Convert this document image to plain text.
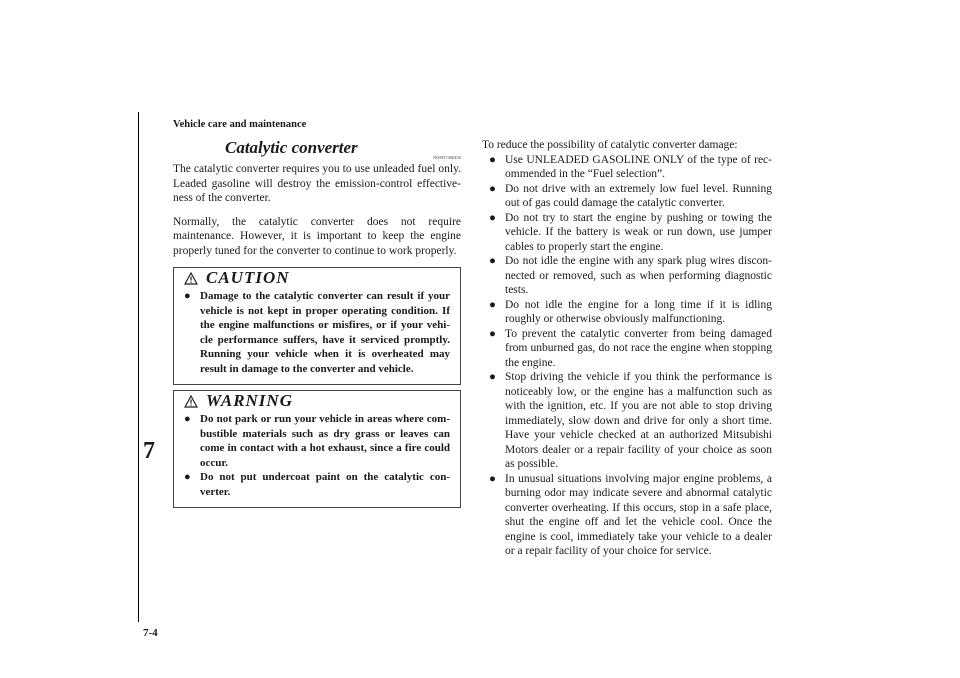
Vehicle care and maintenance
7
7-4
Catalytic converter
N00937400450

The catalytic converter requires you to use unleaded fuel only. Leaded gasoline will destroy the emission-control effective-ness of the converter.

Normally, the catalytic converter does not require maintenance. However, it is important to keep the engine properly tuned for the converter to continue to work properly.

CAUTION
● Damage to the catalytic converter can result if your vehicle is not kept in proper operating condition. If the engine malfunctions or misfires, or if your vehi-cle performance suffers, have it serviced promptly. Running your vehicle when it is overheated may result in damage to the converter and vehicle.
WARNING
● Do not park or run your vehicle in areas where com-bustible materials such as dry grass or leaves can come in contact with a hot exhaust, since a fire could occur.
● Do not put undercoat paint on the catalytic con-verter.
To reduce the possibility of catalytic converter damage:
● Use UNLEADED GASOLINE ONLY of the type of rec-ommended in the “Fuel selection”.
● Do not drive with an extremely low fuel level. Running out of gas could damage the catalytic converter.
● Do not try to start the engine by pushing or towing the vehicle. If the battery is weak or run down, use jumper cables to properly start the engine.
● Do not idle the engine with any spark plug wires discon-nected or removed, such as when performing diagnostic tests.
● Do not idle the engine for a long time if it is idling roughly or otherwise obviously malfunctioning.
● To prevent the catalytic converter from being damaged from unburned gas, do not race the engine when stopping the engine.
● Stop driving the vehicle if you think the performance is noticeably low, or the engine has a malfunction such as with the ignition, etc. If you are not able to stop driving immediately, slow down and drive for only a short time. Have your vehicle checked at an authorized Mitsubishi Motors dealer or a repair facility of your choice as soon as possible.
● In unusual situations involving major engine problems, a burning odor may indicate severe and abnormal catalytic converter overheating. If this occurs, stop in a safe place, shut the engine off and let the vehicle cool. Once the engine is cool, immediately take your vehicle to a dealer or a repair facility of your choice for service.
